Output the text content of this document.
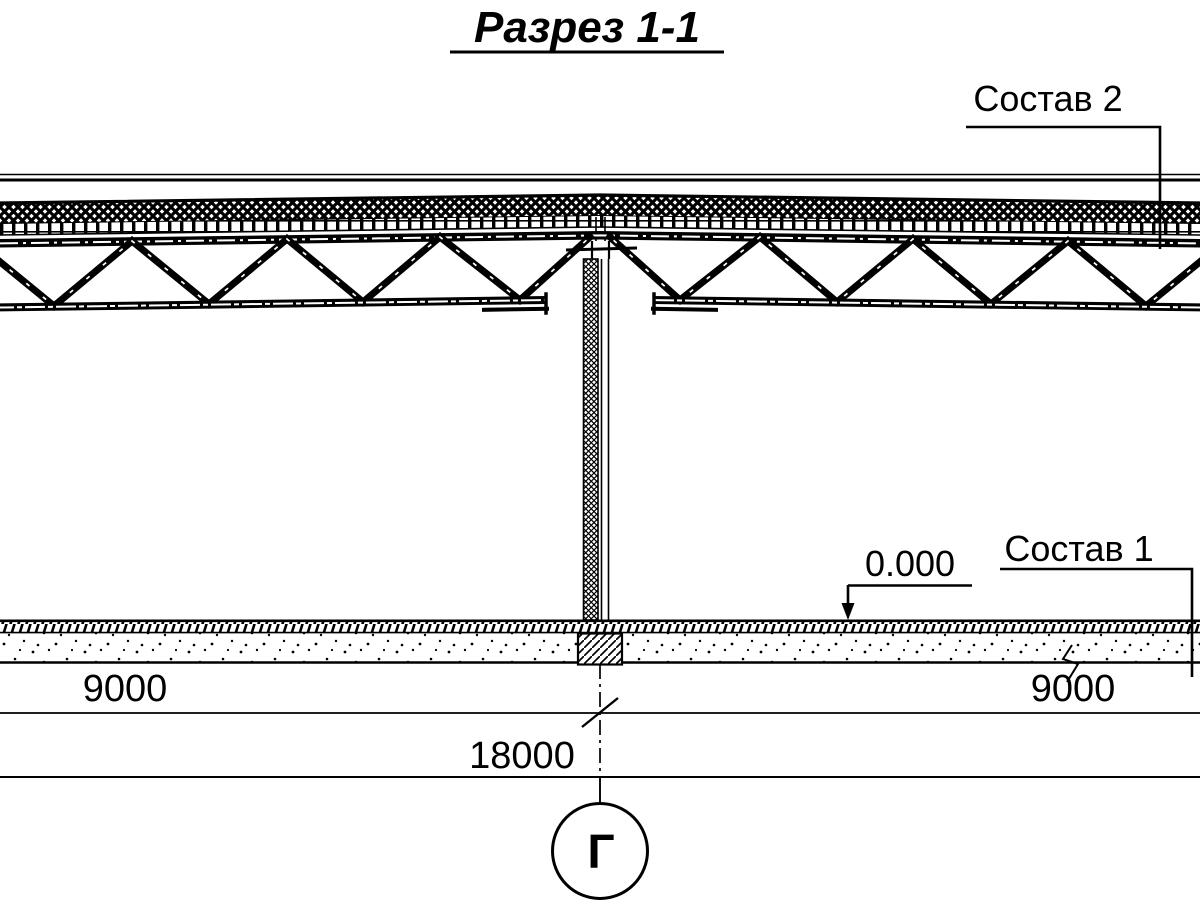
Разрез 1-1
Состав 2
Состав 1
0.000
9000	9000
18000
Г
